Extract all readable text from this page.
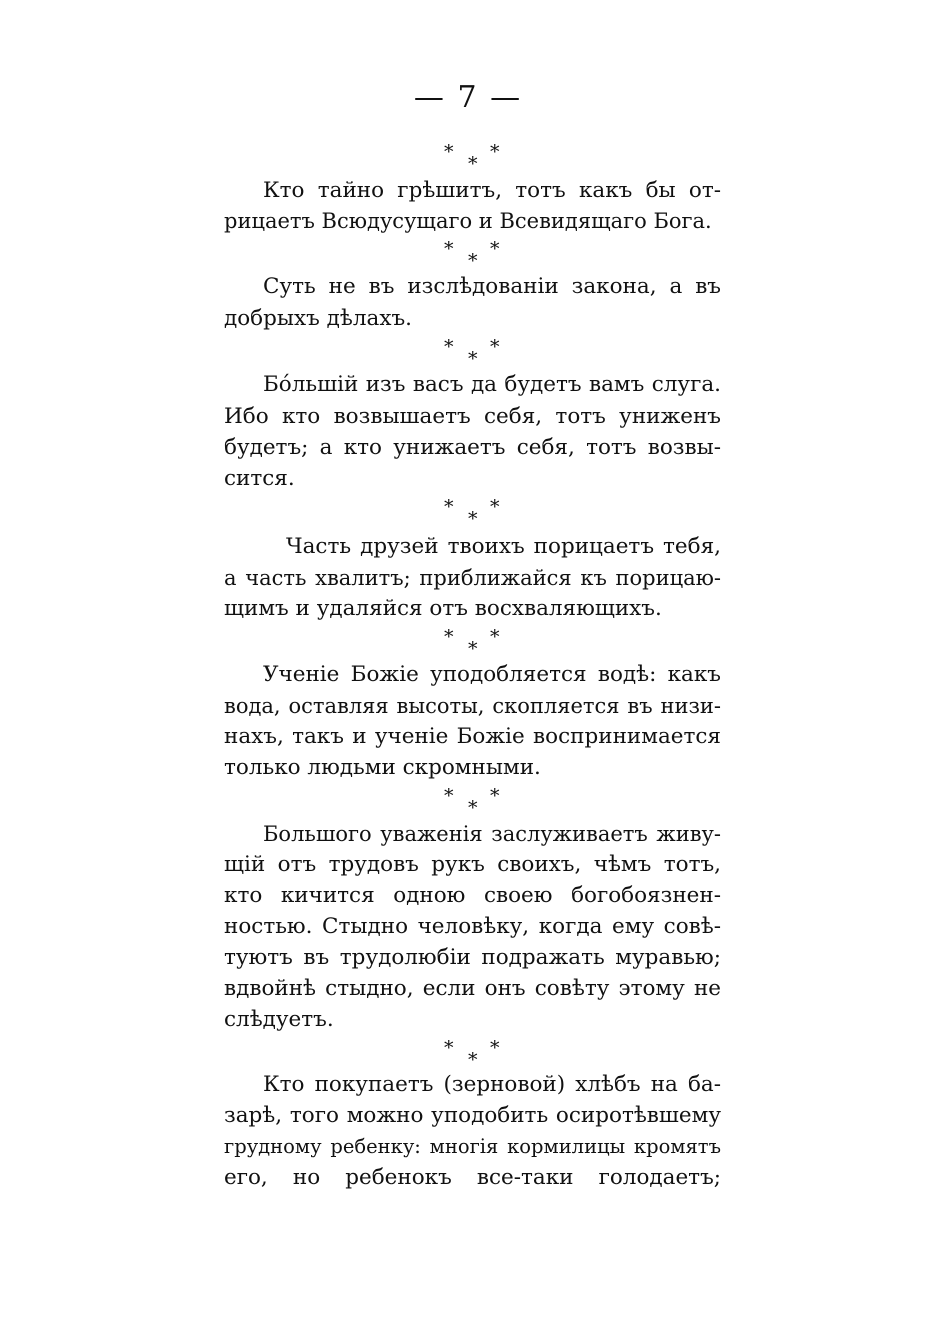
— 7 —
*
*
*
Кто тайно грѣшитъ, тотъ какъ бы от-
рицаетъ Всюдусущаго и Всевидящаго Бога.
*
*
*
Суть не въ изслѣдованіи закона, а въ
добрыхъ дѣлахъ.
*
*
*
Бóльшій изъ васъ да будетъ вамъ слуга.
Ибо кто возвышаетъ себя, тотъ униженъ
будетъ; а кто унижаетъ себя, тотъ возвы-
сится.
*
*
*
Часть друзей твоихъ порицаетъ тебя,
а часть хвалитъ; приближайся къ порицаю-
щимъ и удаляйся отъ восхваляющихъ.
*
*
*
Ученіе Божіе уподобляется водѣ: какъ
вода, оставляя высоты, скопляется въ низи-
нахъ, такъ и ученіе Божіе воспринимается
только людьми скромными.
*
*
*
Большого уваженія заслуживаетъ живу-
щій отъ трудовъ рукъ своихъ, чѣмъ тотъ,
кто кичится одною своею богобоязнен-
ностью. Стыдно человѣку, когда ему совѣ-
туютъ въ трудолюбіи подражать муравью;
вдвойнѣ стыдно, если онъ совѣту этому не
слѣдуетъ.
*
*
*
Кто покупаетъ (зерновой) хлѣбъ на ба-
зарѣ, того можно уподобить осиротѣвшему
грудному ребенку: многія кормилицы кромятъ
его, но ребенокъ все-таки голодаетъ;
